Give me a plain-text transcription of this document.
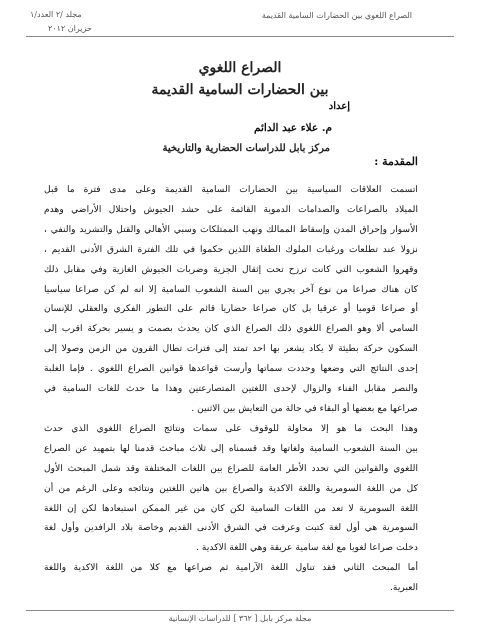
الصراع اللغوي بين الحضارات السامية القديمة
مجلد /٢ العدد/١
حزيران ٢٠١٢
الصراع اللغوي
بين الحضارات السامية القديمة
إعداد
م. علاء عبد الدائم
مركز بابل للدراسات الحضارية والتاريخية
المقدمة :
اتسمت العلاقات السياسية بين الحضارات السامية القديمة وعلى مدى فترة ما قبل
الميلاد بالصراعات والصدامات الدموية القائمة على حشد الجيوش واحتلال الأراضي وهدم
الأسوار وإحراق المدن وإسقاط الممالك ونهب الممتلكات وسبي الأهالي والقتل والتشريد والنفي ،
نزولا عند تطلعات ورغبات الملوك الطغاة اللذين حكموا في تلك الفترة الشرق الأدنى القديم ،
وقهروا الشعوب التي كانت ترزح تحت إثقال الجزية وضربات الجيوش الغازية وفي مقابل ذلك
كان هناك صراعا من نوع آخر يجري بين السنة الشعوب السامية إلا انه لم كن صراعا سياسيا
أو صراعا قوميا أو عرقيا بل كان صراعا حضاريا قائم على التطور الفكري والعقلي للإنسان
السامي ألا وهو الصراع اللغوي ذلك الصراع الذي كان يحدث بصمت و يسير بحركة اقرب إلى
السكون حركة بطيئة لا يكاد يشعر بها احد تمتد إلى فترات تطال القرون من الزمن وصولا إلى
إحدى النتائج التي وضعها وحددت سماتها وأرست قواعدها قوانين الصراع اللغوي . فإما الغلبة
والنصر مقابل الفناء والزوال لإحدى اللغتين المتصارعتين وهذا ما حدث للغات السامية في
صراعها مع بعضها أو البقاء في حالة من التعايش بين الاثنين .
وهذا البحث ما هو إلا محاولة للوقوف على سمات ونتائج الصراع اللغوي الذي حدث
بين السنة الشعوب السامية ولغاتها وقد قسمناه إلى ثلاث مباحث قدمنا لها بتمهيد عن الصراع
اللغوي والقوانين التي تحدد الأطر العامة للصراع بين اللغات المختلفة وقد شمل المبحث الأول
كل من اللغة السومرية واللغة الاكدية والصراع بين هاتين اللغتين ونتائجه وعلى الرغم من أن
اللغة السومرية لا تعد من اللغات السامية لكن كان من غير الممكن استبعادها لكن إن اللغة
السومرية هي أول لغة كتبت وعرفت في الشرق الأدنى القديم وخاصة بلاد الرافدين وأول لغة
دخلت صراعا لغويا مع لغة سامية عريقة وهي اللغة الاكدية .
أما المبحث الثاني فقد تناول اللغة الآرامية ثم صراعها مع كلا من اللغة الاكدية واللغة
العبرية.
مجلة مركز بابل [ ٣٦٢ ] للدراسات الإنسانية
